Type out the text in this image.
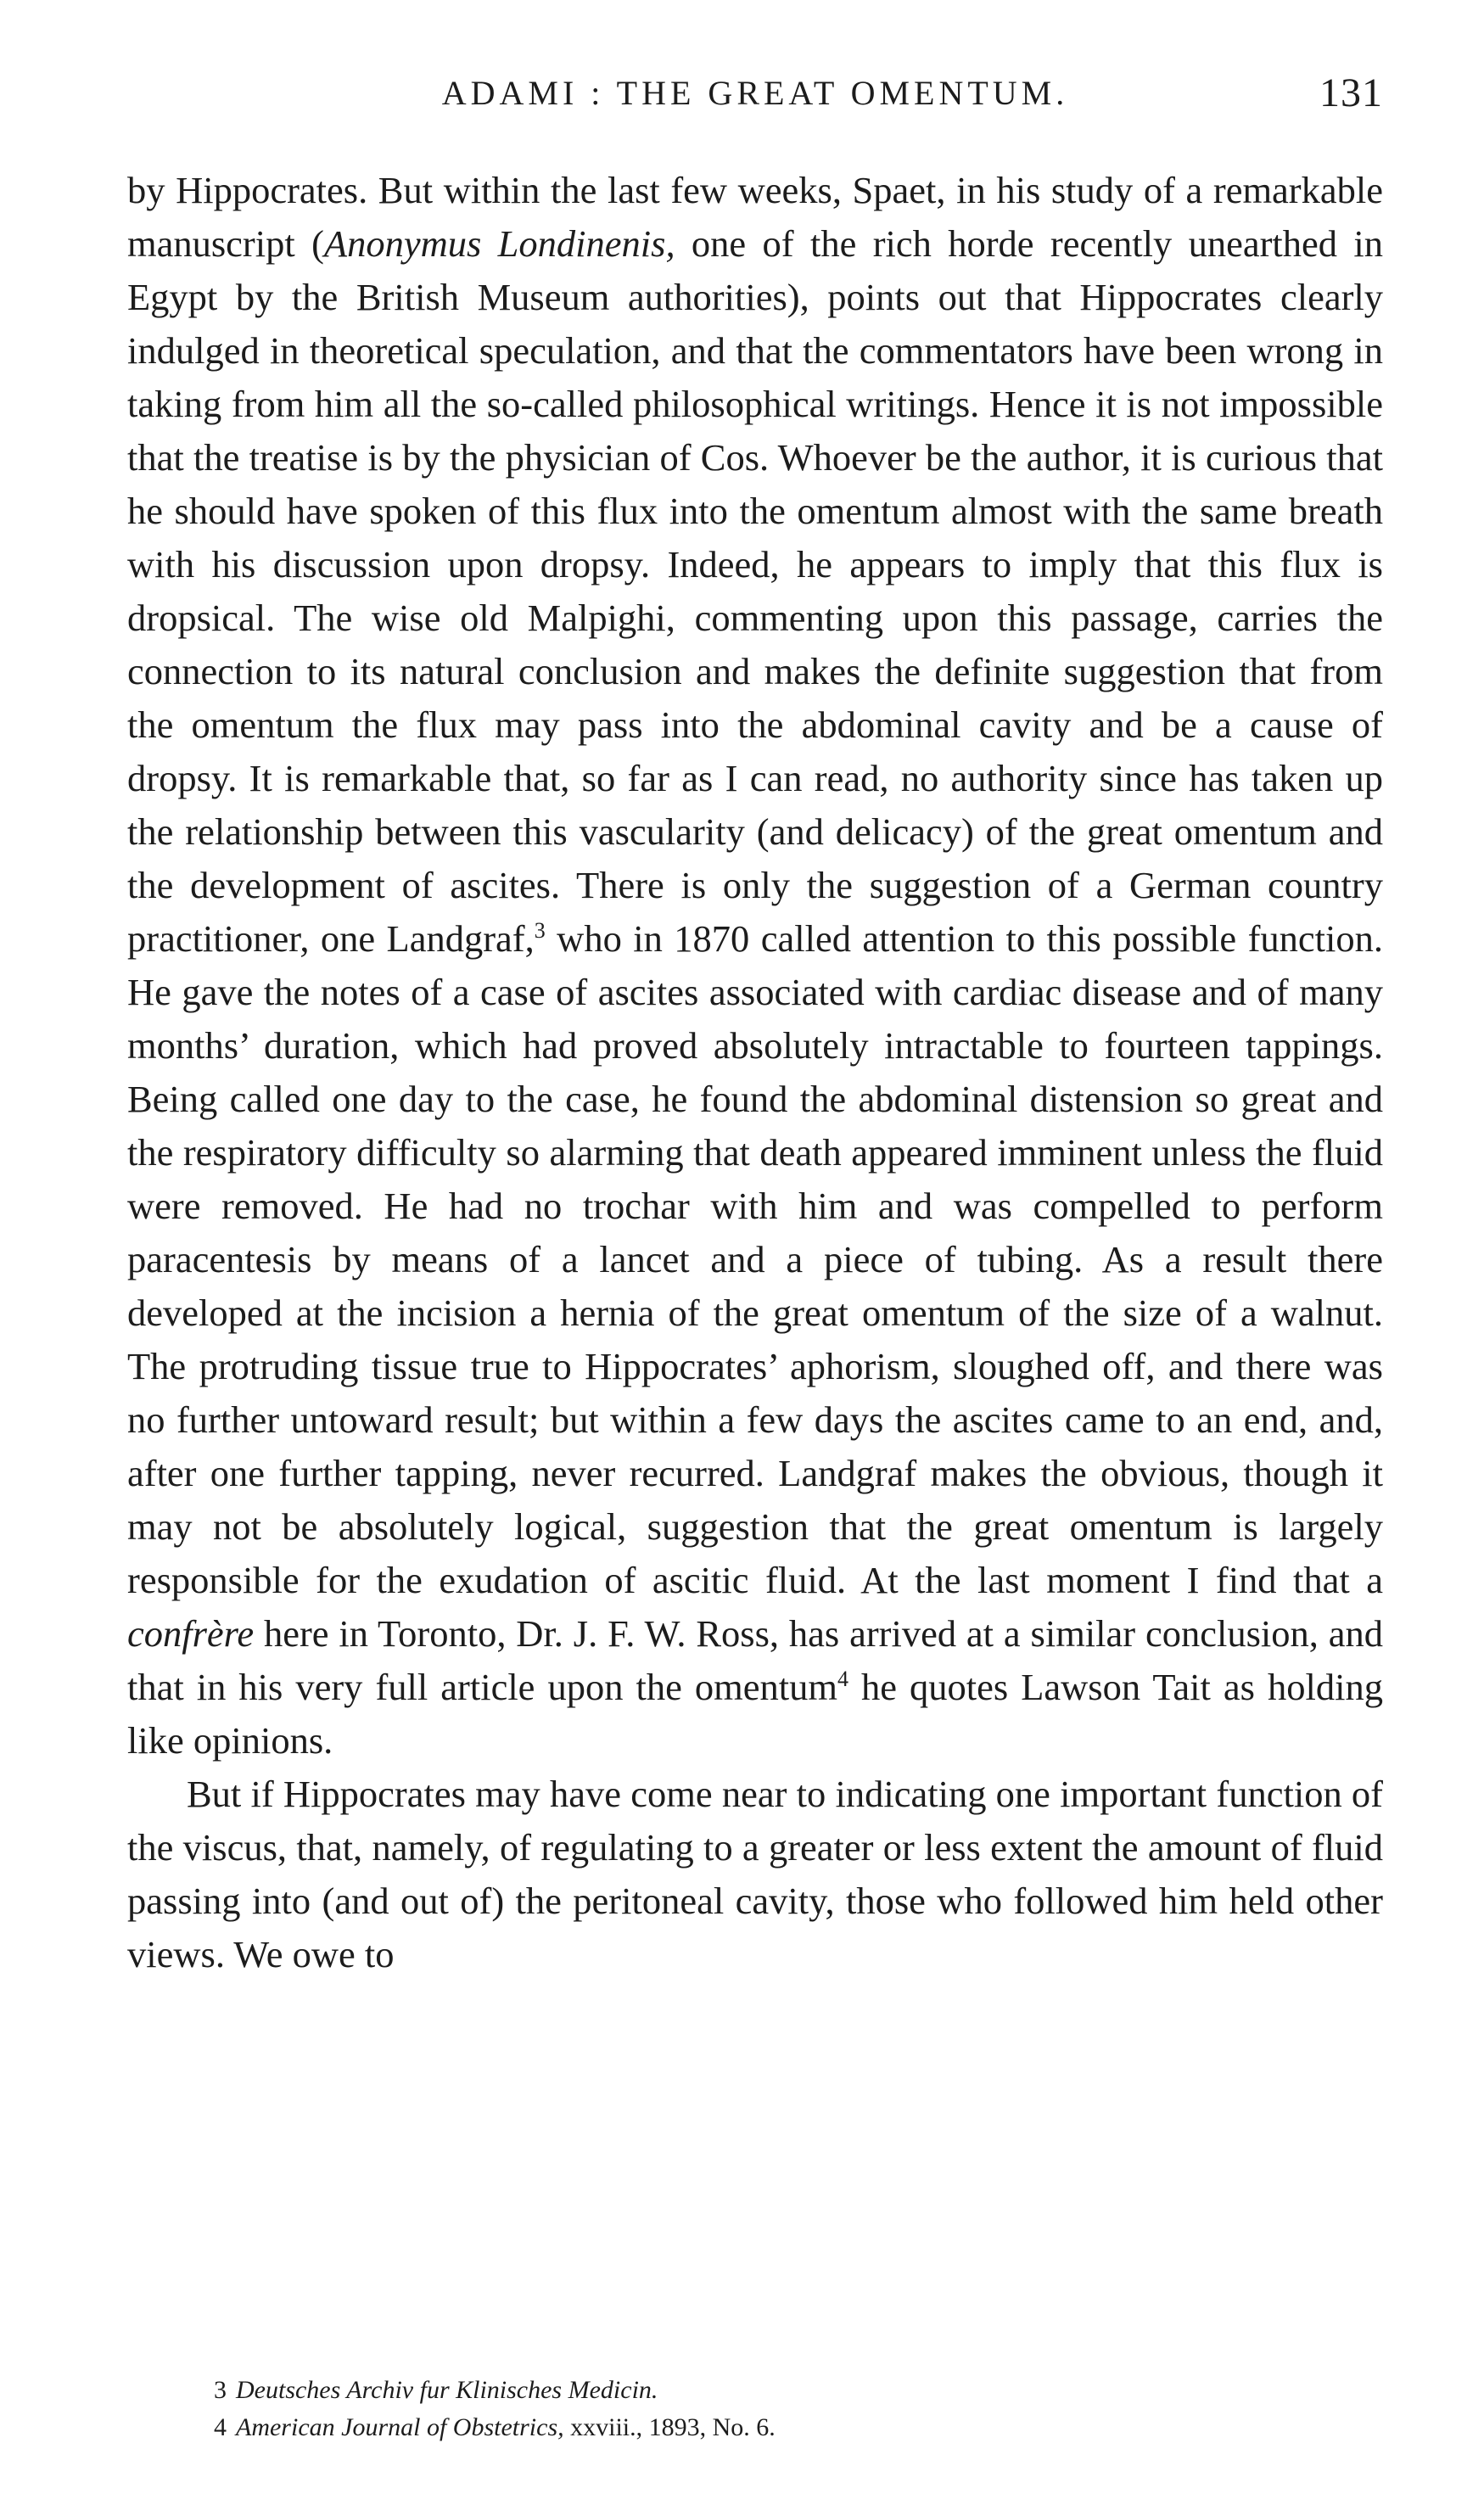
ADAMI : THE GREAT OMENTUM.	131

by Hippocrates. But within the last few weeks, Spaet, in his study of a remarkable manuscript (Anonymus Londinenis, one of the rich horde recently unearthed in Egypt by the British Museum authorities), points out that Hippocrates clearly indulged in theoretical speculation, and that the commentators have been wrong in taking from him all the so-called philosophical writings. Hence it is not impossible that the treatise is by the physician of Cos. Whoever be the author, it is curious that he should have spoken of this flux into the omentum almost with the same breath with his discussion upon dropsy. Indeed, he appears to imply that this flux is dropsical. The wise old Malpighi, commenting upon this passage, carries the connection to its natural conclusion and makes the definite suggestion that from the omentum the flux may pass into the abdominal cavity and be a cause of dropsy. It is remarkable that, so far as I can read, no authority since has taken up the relationship between this vascularity (and delicacy) of the great omentum and the development of ascites. There is only the suggestion of a German country practitioner, one Landgraf,$^3$ who in 1870 called attention to this possible function. He gave the notes of a case of ascites associated with cardiac disease and of many months’ duration, which had proved absolutely intractable to fourteen tappings. Being called one day to the case, he found the abdominal distension so great and the respiratory difficulty so alarming that death appeared imminent unless the fluid were removed. He had no trochar with him and was compelled to perform paracentesis by means of a lancet and a piece of tubing. As a result there developed at the incision a hernia of the great omentum of the size of a walnut. The protruding tissue true to Hippocrates’ aphorism, sloughed off, and there was no further untoward result; but within a few days the ascites came to an end, and, after one further tapping, never recurred. Landgraf makes the obvious, though it may not be absolutely logical, suggestion that the great omentum is largely responsible for the exudation of ascitic fluid. At the last moment I find that a confrère here in Toronto, Dr. J. F. W. Ross, has arrived at a similar conclusion, and that in his very full article upon the omentum$^4$ he quotes Lawson Tait as holding like opinions.

But if Hippocrates may have come near to indicating one important function of the viscus, that, namely, of regulating to a greater or less extent the amount of fluid passing into (and out of) the peritoneal cavity, those who followed him held other views. We owe to

3 Deutsches Archiv fur Klinisches Medicin.
4 American Journal of Obstetrics, xxviii., 1893, No. 6.
